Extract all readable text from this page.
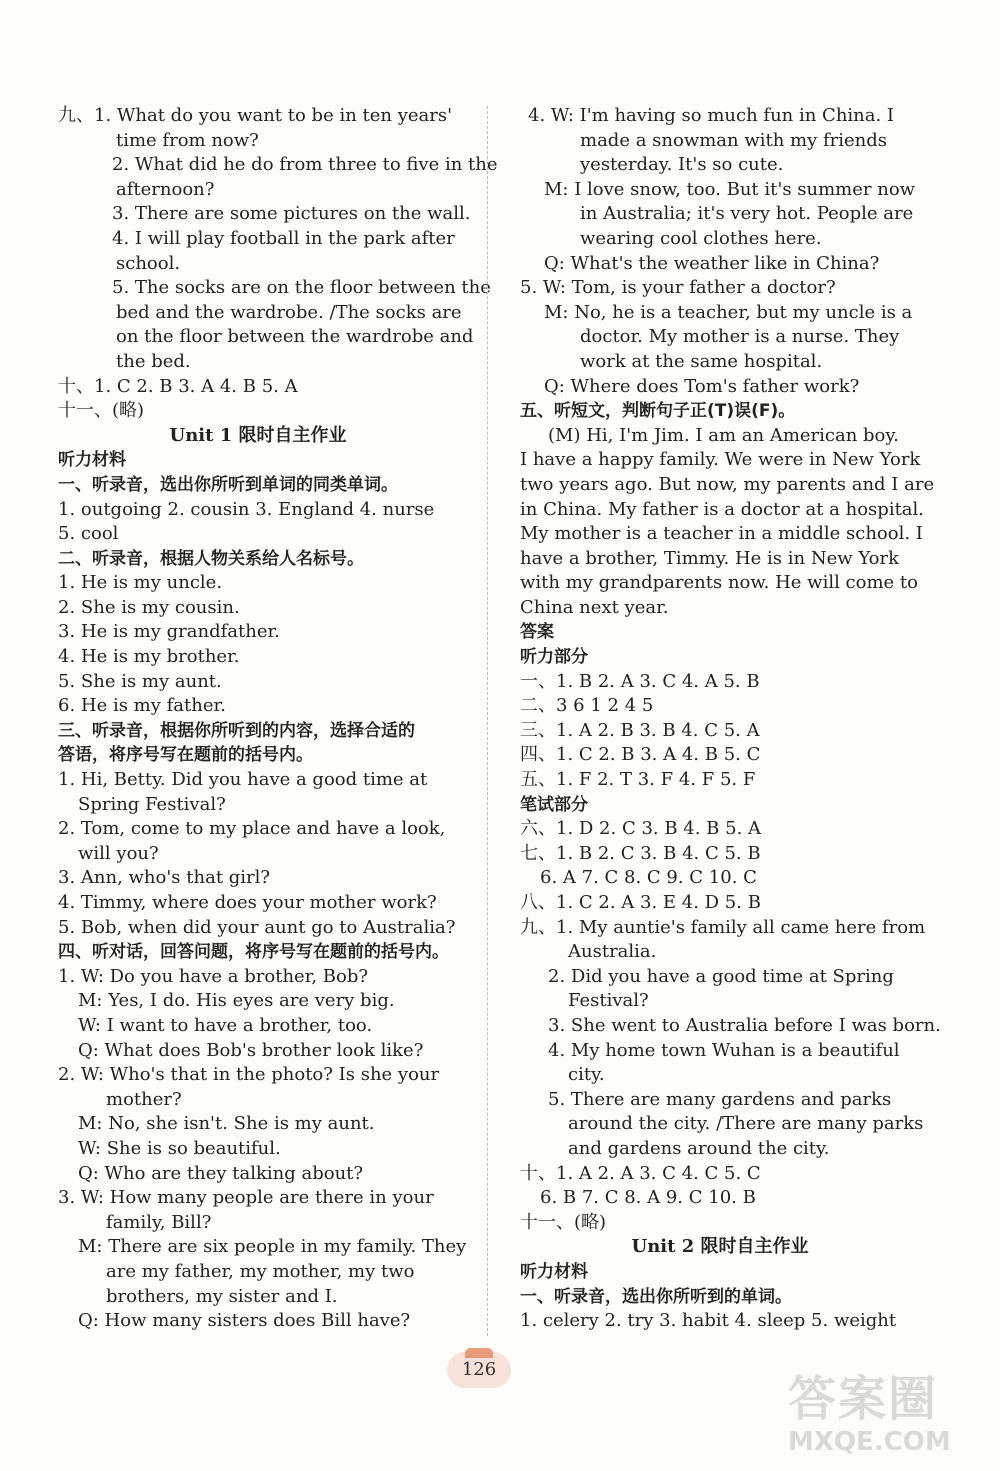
九、1. What do you want to be in ten years'
time from now?
2. What did he do from three to five in the
afternoon?
3. There are some pictures on the wall.
4. I will play football in the park after
school.
5. The socks are on the floor between the
bed and the wardrobe. /The socks are
on the floor between the wardrobe and
the bed.
十、1. C 2. B 3. A 4. B 5. A
十一、(略)
Unit 1 限时自主作业
听力材料
一、听录音，选出你所听到单词的同类单词。
1. outgoing 2. cousin 3. England 4. nurse
5. cool
二、听录音，根据人物关系给人名标号。
1. He is my uncle.
2. She is my cousin.
3. He is my grandfather.
4. He is my brother.
5. She is my aunt.
6. He is my father.
三、听录音，根据你所听到的内容，选择合适的
答语，将序号写在题前的括号内。
1. Hi, Betty. Did you have a good time at
Spring Festival?
2. Tom, come to my place and have a look,
will you?
3. Ann, who's that girl?
4. Timmy, where does your mother work?
5. Bob, when did your aunt go to Australia?
四、听对话，回答问题，将序号写在题前的括号内。
1. W: Do you have a brother, Bob?
M: Yes, I do. His eyes are very big.
W: I want to have a brother, too.
Q: What does Bob's brother look like?
2. W: Who's that in the photo? Is she your
mother?
M: No, she isn't. She is my aunt.
W: She is so beautiful.
Q: Who are they talking about?
3. W: How many people are there in your
family, Bill?
M: There are six people in my family. They
are my father, my mother, my two
brothers, my sister and I.
Q: How many sisters does Bill have?
4. W: I'm having so much fun in China. I
made a snowman with my friends
yesterday. It's so cute.
M: I love snow, too. But it's summer now
in Australia; it's very hot. People are
wearing cool clothes here.
Q: What's the weather like in China?
5. W: Tom, is your father a doctor?
M: No, he is a teacher, but my uncle is a
doctor. My mother is a nurse. They
work at the same hospital.
Q: Where does Tom's father work?
五、听短文，判断句子正(T)误(F)。
(M) Hi, I'm Jim. I am an American boy.
I have a happy family. We were in New York
two years ago. But now, my parents and I are
in China. My father is a doctor at a hospital.
My mother is a teacher in a middle school. I
have a brother, Timmy. He is in New York
with my grandparents now. He will come to
China next year.
答案
听力部分
一、1. B 2. A 3. C 4. A 5. B
二、3 6 1 2 4 5
三、1. A 2. B 3. B 4. C 5. A
四、1. C 2. B 3. A 4. B 5. C
五、1. F 2. T 3. F 4. F 5. F
笔试部分
六、1. D 2. C 3. B 4. B 5. A
七、1. B 2. C 3. B 4. C 5. B
6. A 7. C 8. C 9. C 10. C
八、1. C 2. A 3. E 4. D 5. B
九、1. My auntie's family all came here from
Australia.
2. Did you have a good time at Spring
Festival?
3. She went to Australia before I was born.
4. My home town Wuhan is a beautiful
city.
5. There are many gardens and parks
around the city. /There are many parks
and gardens around the city.
十、1. A 2. A 3. C 4. C 5. C
6. B 7. C 8. A 9. C 10. B
十一、(略)
Unit 2 限时自主作业
听力材料
一、听录音，选出你所听到的单词。
1. celery 2. try 3. habit 4. sleep 5. weight
126
答案圈
MXQE.COM
